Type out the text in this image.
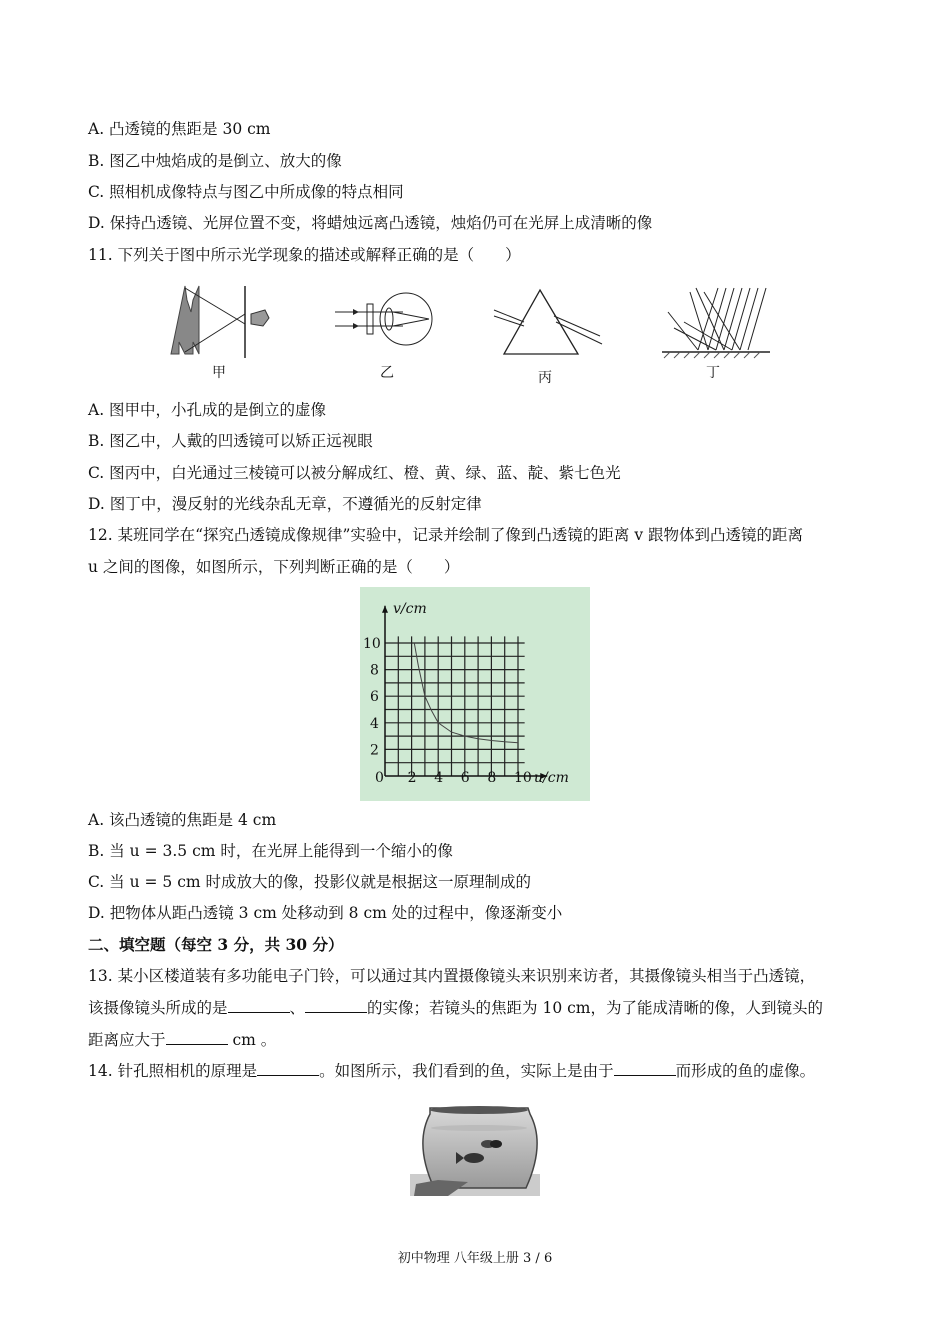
A. 凸透镜的焦距是 30 cm
B. 图乙中烛焰成的是倒立、放大的像
C. 照相机成像特点与图乙中所成像的特点相同
D. 保持凸透镜、光屏位置不变，将蜡烛远离凸透镜，烛焰仍可在光屏上成清晰的像
11. 下列关于图中所示光学现象的描述或解释正确的是（　　）
甲	乙	丙	丁
A. 图甲中，小孔成的是倒立的虚像
B. 图乙中，人戴的凹透镜可以矫正远视眼
C. 图丙中，白光通过三棱镜可以被分解成红、橙、黄、绿、蓝、靛、紫七色光
D. 图丁中，漫反射的光线杂乱无章，不遵循光的反射定律
12. 某班同学在“探究凸透镜成像规律”实验中，记录并绘制了像到凸透镜的距离 v 跟物体到凸透镜的距离
u 之间的图像，如图所示，下列判断正确的是（　　）
0 2 4 6 8 10
2
4
6
8
10
u/cm
v/cm
A. 该凸透镜的焦距是 4 cm
B. 当 u = 3.5 cm 时，在光屏上能得到一个缩小的像
C. 当 u = 5 cm 时成放大的像，投影仪就是根据这一原理制成的
D. 把物体从距凸透镜 3 cm 处移动到 8 cm 处的过程中，像逐渐变小
二、填空题（每空 3 分，共 30 分）
13. 某小区楼道装有多功能电子门铃，可以通过其内置摄像镜头来识别来访者，其摄像镜头相当于凸透镜，
该摄像镜头所成的是	、	的实像；若镜头的焦距为 10 cm，为了能成清晰的像，人到镜头的
距离应大于	cm 。
14. 针孔照相机的原理是	。如图所示，我们看到的鱼，实际上是由于	而形成的鱼的虚像。
初中物理 八年级上册 3 / 6
